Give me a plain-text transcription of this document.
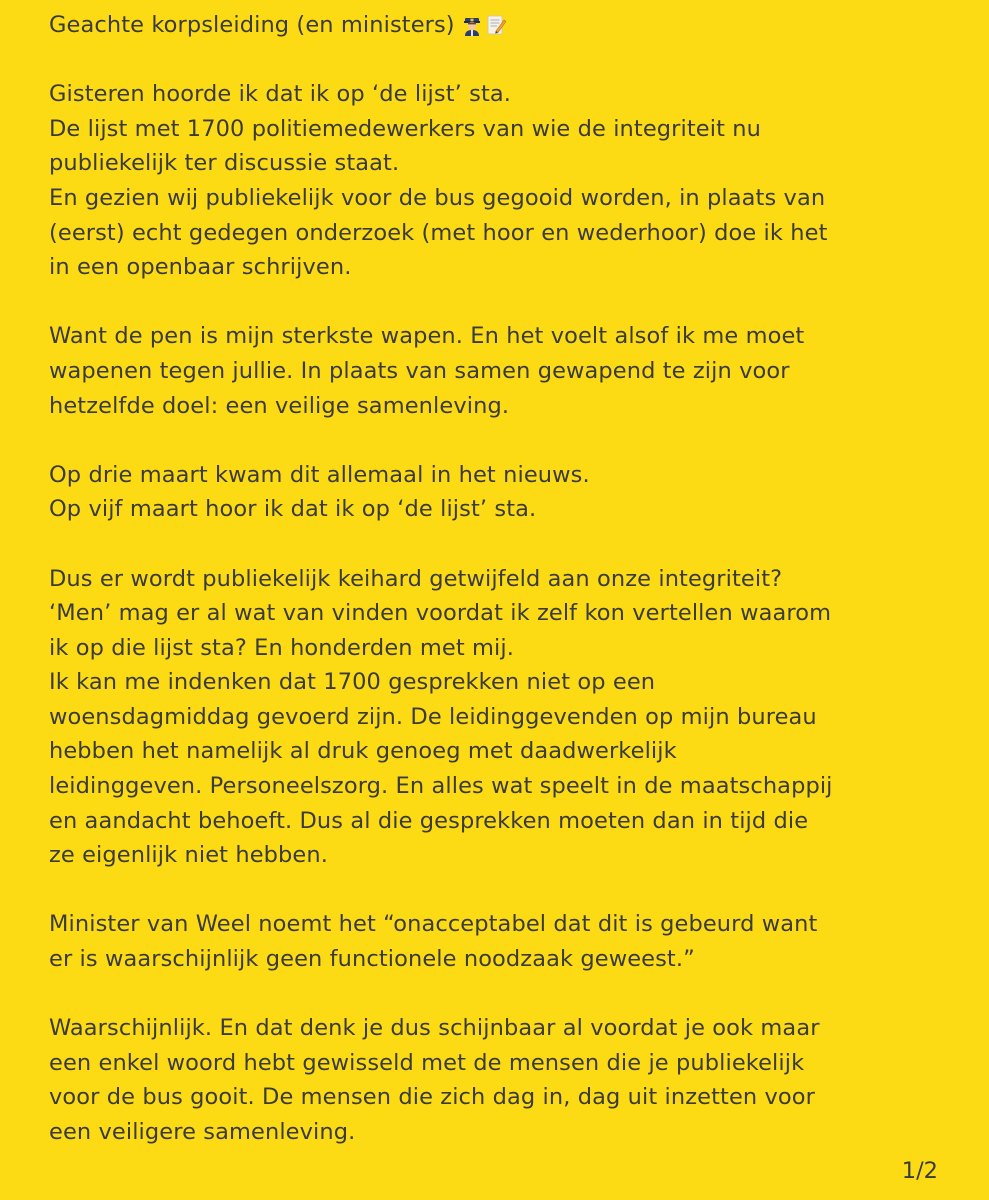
Geachte korpsleiding (en ministers)
Gisteren hoorde ik dat ik op ‘de lijst’ sta.
De lijst met 1700 politiemedewerkers van wie de integriteit nu
publiekelijk ter discussie staat.
En gezien wij publiekelijk voor de bus gegooid worden, in plaats van
(eerst) echt gedegen onderzoek (met hoor en wederhoor) doe ik het
in een openbaar schrijven.
Want de pen is mijn sterkste wapen. En het voelt alsof ik me moet
wapenen tegen jullie. In plaats van samen gewapend te zijn voor
hetzelfde doel: een veilige samenleving.
Op drie maart kwam dit allemaal in het nieuws.
Op vijf maart hoor ik dat ik op ‘de lijst’ sta.
Dus er wordt publiekelijk keihard getwijfeld aan onze integriteit?
‘Men’ mag er al wat van vinden voordat ik zelf kon vertellen waarom
ik op die lijst sta? En honderden met mij.
Ik kan me indenken dat 1700 gesprekken niet op een
woensdagmiddag gevoerd zijn. De leidinggevenden op mijn bureau
hebben het namelijk al druk genoeg met daadwerkelijk
leidinggeven. Personeelszorg. En alles wat speelt in de maatschappij
en aandacht behoeft. Dus al die gesprekken moeten dan in tijd die
ze eigenlijk niet hebben.
Minister van Weel noemt het “onacceptabel dat dit is gebeurd want
er is waarschijnlijk geen functionele noodzaak geweest.”
Waarschijnlijk. En dat denk je dus schijnbaar al voordat je ook maar
een enkel woord hebt gewisseld met de mensen die je publiekelijk
voor de bus gooit. De mensen die zich dag in, dag uit inzetten voor
een veiligere samenleving.
1/2
